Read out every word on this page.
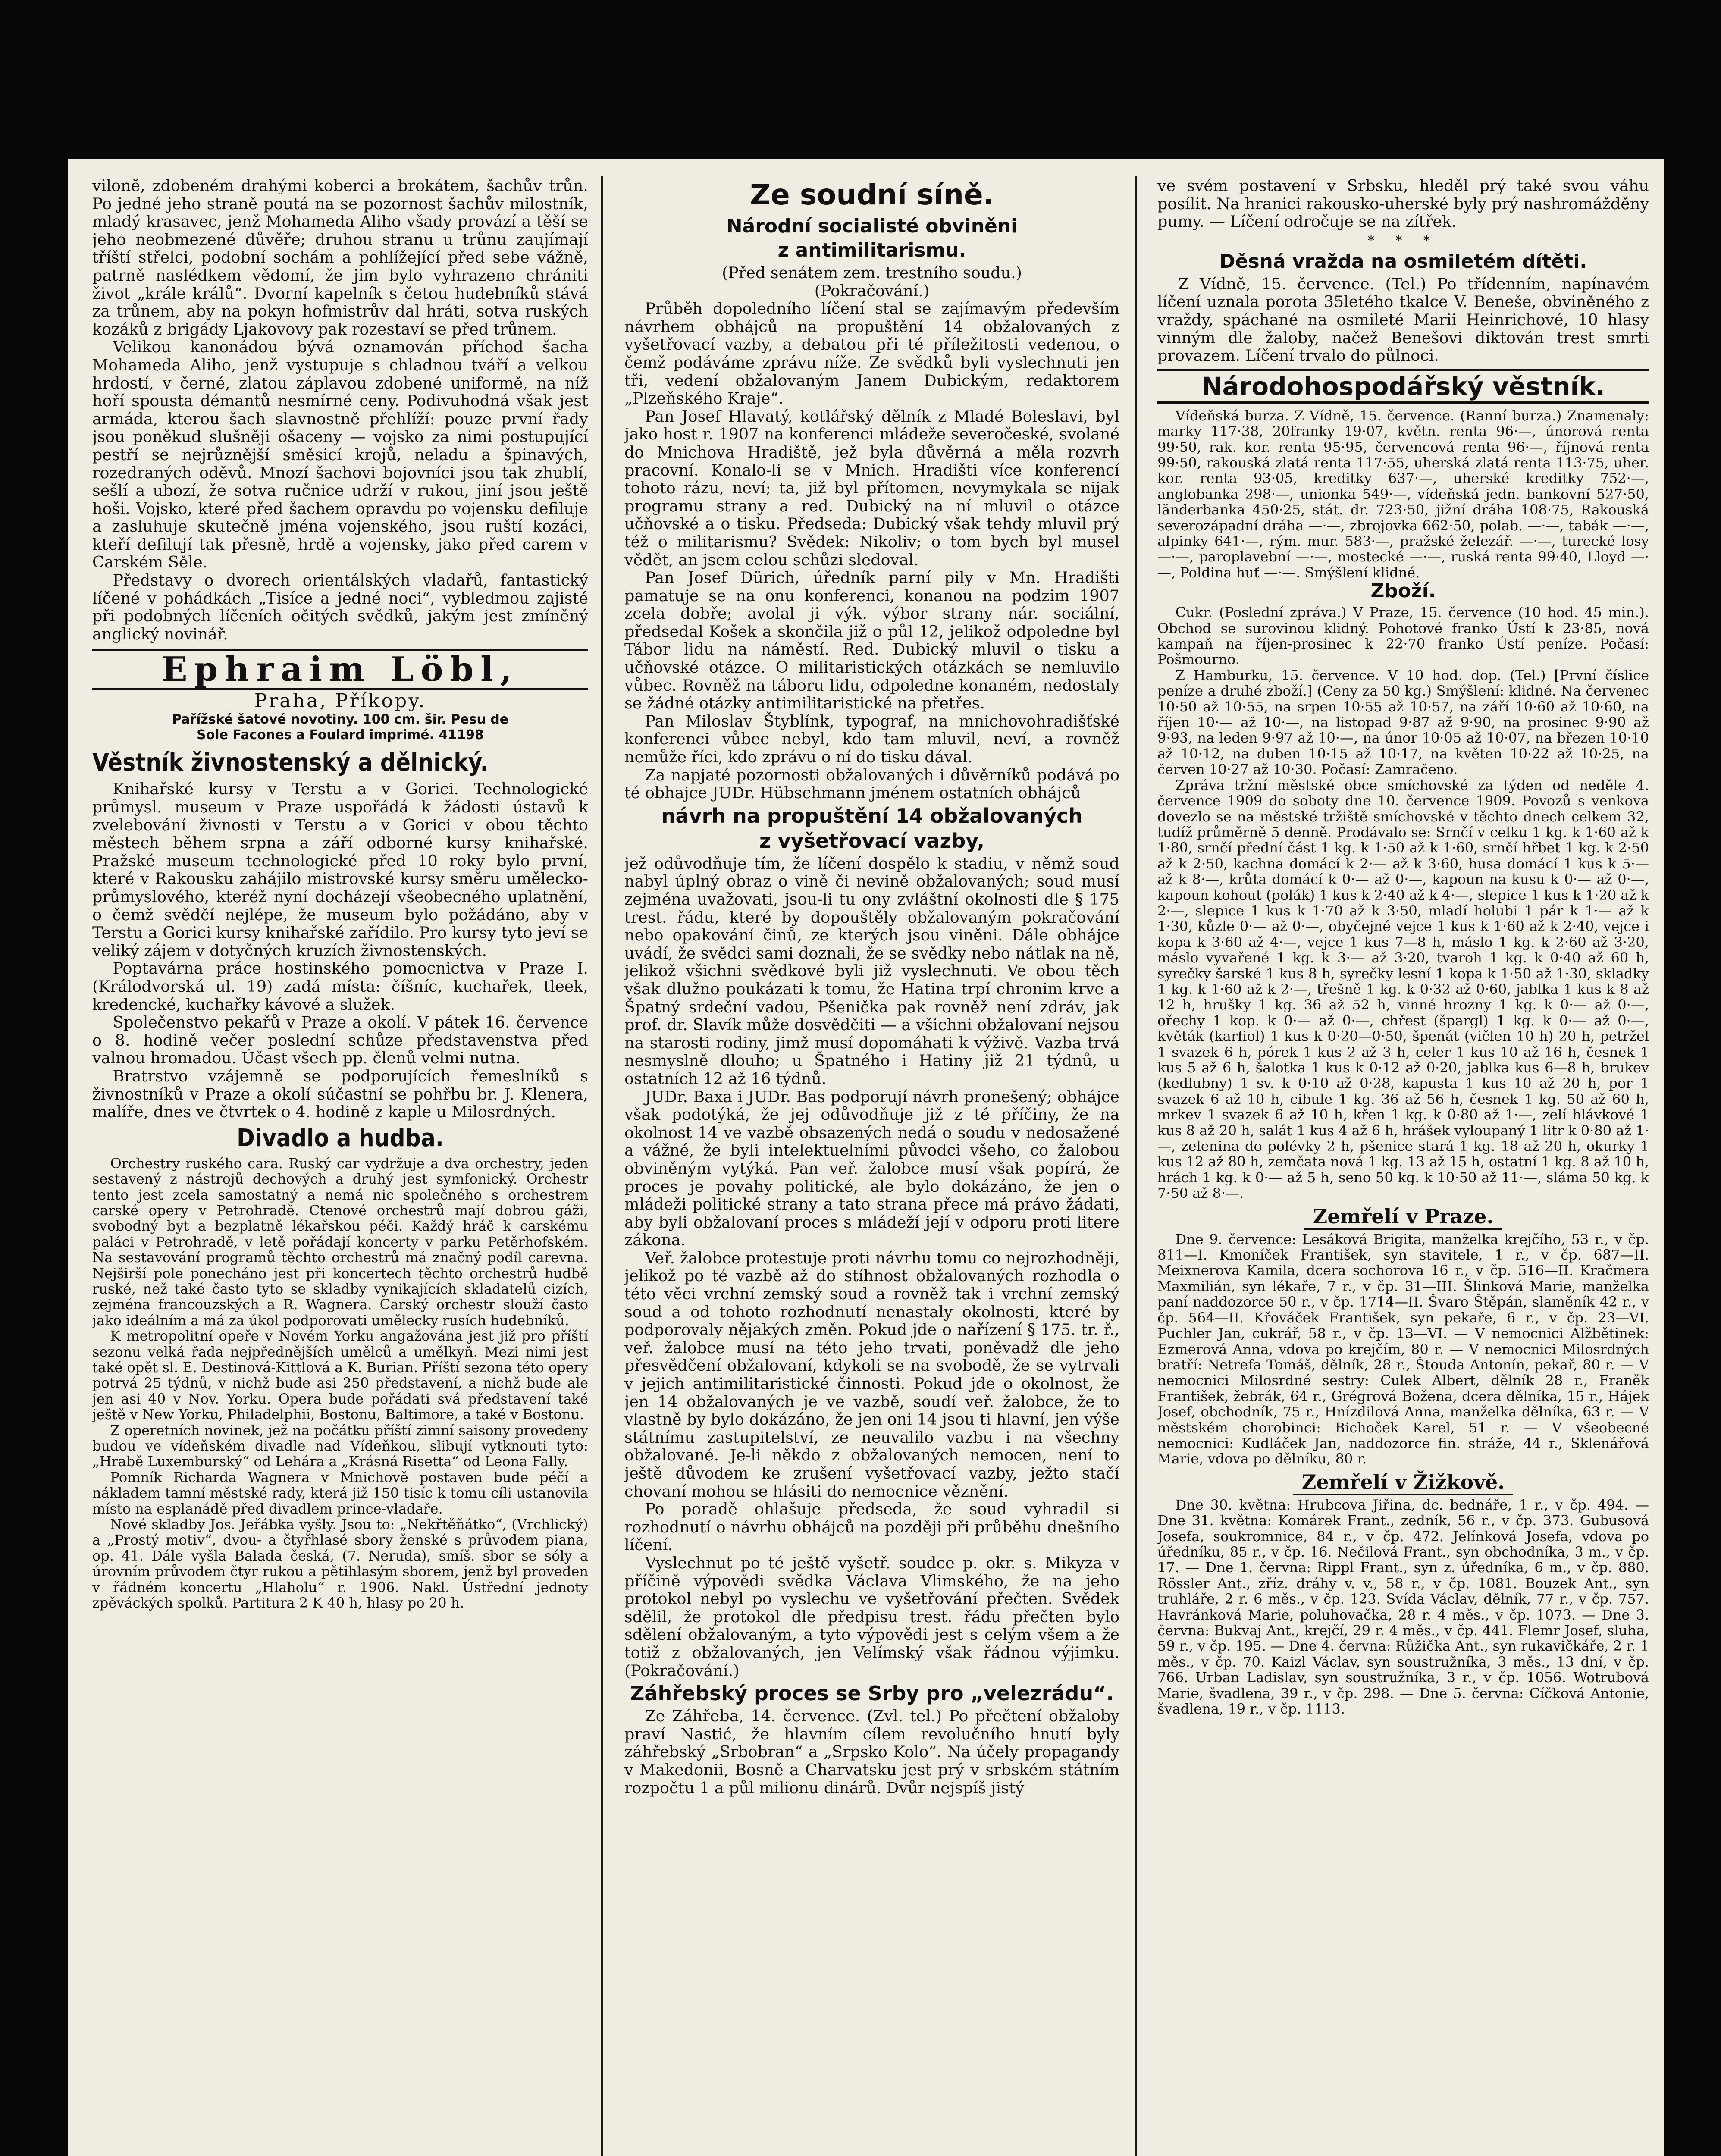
vilonĕ, zdobeném drahými koberci a brokátem, šachův trůn. Po jedné jeho straně poutá na se pozornost šachův milostník, mladý krasavec, jenž Mohameda Aliho všady provází a těší se jeho neobmezené důvěře; druhou stranu u trůnu zaujímají tříští střelci, podobní sochám a pohlížející před sebe vážně, patrně naslédkem vědomí, že jim bylo vyhrazeno chrániti život „krále králů“. Dvorní kapelník s četou hudebníků stává za trůnem, aby na pokyn hofmistrův dal hráti, sotva ruských kozáků z brigády Ljakovovy pak rozestaví se před trůnem.

Velikou kanonádou bývá oznamován příchod šacha Mohameda Aliho, jenž vystupuje s chladnou tváří a velkou hrdostí, v černé, zlatou záplavou zdobené uniformě, na níž hoří spousta démantů nesmírné ceny. Podivuhodná však jest armáda, kterou šach slavnostně přehlíží: pouze první řady jsou poněkud slušněji ošaceny — vojsko za nimi postupující pestří se nejrůznější směsicí krojů, neladu a špinavých, rozedraných oděvů. Mnozí šachovi bojovníci jsou tak zhublí, sešlí a ubozí, že sotva ručnice udrží v rukou, jiní jsou ještě hoši. Vojsko, které před šachem opravdu po vojensku defiluje a zasluhuje skutečně jména vojenského, jsou ruští kozáci, kteří defilují tak přesně, hrdě a vojensky, jako před carem v Carském Sěle.

Představy o dvorech orientálských vladařů, fantastický líčené v pohádkách „Tisíce a jedné noci“, vybledmou zajisté při podobných líčeních očitých svědků, jakým jest zmíněný anglický novinář.

Ephraim Löbl,
Praha, Příkopy.
Pařížské šatové novotiny. 100 cm. šir. Pesu de
Sole Facones a Foulard imprimé. 41198
Věstník živnostenský a dělnický.

Knihařské kursy v Terstu a v Gorici. Technologické průmysl. museum v Praze uspořádá k žádosti ústavů k zvelebování živnosti v Terstu a v Gorici v obou těchto městech během srpna a září odborné kursy knihařské. Pražské museum technologické před 10 roky bylo první, které v Rakousku zahájilo mistrovské kursy směru umělecko-průmyslového, kteréž nyní docházejí všeobecného uplatnění, o čemž svědčí nejlépe, že museum bylo požádáno, aby v Terstu a Gorici kursy knihařské zařídilo. Pro kursy tyto jeví se veliký zájem v dotyčných kruzích živnostenských.

Poptavárna práce hostinského pomocnictva v Praze I. (Králodvorská ul. 19) zadá místa: číšníc, kuchařek, tleek, kredencké, kuchařky kávové a služek.

Společenstvo pekařů v Praze a okolí. V pátek 16. července o 8. hodině večer poslední schůze představenstva před valnou hromadou. Účast všech pp. členů velmi nutna.

Bratrstvo vzájemně se podporujících řemeslníků s živnostníků v Praze a okolí súčastní se pohřbu br. J. Klenera, malíře, dnes ve čtvrtek o 4. hodině z kaple u Milosrdných.

Divadlo a hudba.

Orchestry ruského cara. Ruský car vydržuje a dva orchestry, jeden sestavený z nástrojů dechových a druhý jest symfonický. Orchestr tento jest zcela samostatný a nemá nic společného s orchestrem carské opery v Petrohradě. Ctenové orchestrů mají dobrou gáži, svobodný byt a bezplatně lékařskou péči. Každý hráč k carskému paláci v Petrohradě, v letě pořádají koncerty v parku Petěrhofském. Na sestavování programů těchto orchestrů má značný podíl carevna. Nejširší pole ponecháno jest při koncertech těchto orchestrů hudbě ruské, než také často tyto se skladby vynikajících skladatelů cizích, zejména francouzských a R. Wagnera. Carský orchestr slouží často jako ideálním a má za úkol podporovati umělecky rusích hudebníků.

K metropolitní opeře v Novém Yorku angažována jest již pro příští sezonu velká řada nejpřednějších umělců a umělkyň. Mezi nimi jest také opět sl. E. Destinová-Kittlová a K. Burian. Příští sezona této opery potrvá 25 týdnů, v nichž bude asi 250 představení, a nichž bude ale jen asi 40 v Nov. Yorku. Opera bude pořádati svá představení také ještě v New Yorku, Philadelphii, Bostonu, Baltimore, a také v Bostonu.

Z operetních novinek, jež na počátku příští zimní saisony provedeny budou ve vídeňském divadle nad Vídeňkou, slibují vytknouti tyto: „Hrabě Luxemburský“ od Lehára a „Krásná Risetta“ od Leona Fally.

Pomník Richarda Wagnera v Mnichově postaven bude péčí a nákladem tamní městské rady, která již 150 tisíc k tomu cíli ustanovila místo na esplanádě před divadlem prince-vladaře.

Nové skladby Jos. Jeřábka vyšly. Jsou to: „Nekřtěňátko“, (Vrchlický) a „Prostý motiv“, dvou- a čtyřhlasé sbory ženské s průvodem piana, op. 41. Dále vyšla Balada česká, (7. Neruda), smíš. sbor se sóly a úrovním průvodem čtyr rukou a pětihlasým sborem, jenž byl proveden v řádném koncertu „Hlaholu“ r. 1906. Nakl. Ústřední jednoty zpěváckých spolků. Partitura 2 K 40 h, hlasy po 20 h.

Ze soudní síně.
Národní socialisté obviněni
z antimilitarismu.

(Před senátem zem. trestního soudu.)

(Pokračování.)

Průběh dopoledního líčení stal se zajímavým především návrhem obhájců na propuštění 14 obžalovaných z vyšetřovací vazby, a debatou při té příležitosti vedenou, o čemž podáváme zprávu níže. Ze svědků byli vyslechnuti jen tři, vedení obžalovaným Janem Dubickým, redaktorem „Plzeňského Kraje“.

Pan Josef Hlavatý, kotlářský dělník z Mladé Boleslavi, byl jako host r. 1907 na konferenci mládeže severočeské, svolané do Mnichova Hradiště, jež byla důvěrná a měla rozvrh pracovní. Konalo-li se v Mnich. Hradišti více konferencí tohoto rázu, neví; ta, již byl přítomen, nevymykala se nijak programu strany a red. Dubický na ní mluvil o otázce učňovské a o tisku. Předseda: Dubický však tehdy mluvil prý též o militarismu? Svědek: Nikoliv; o tom bych byl musel vědět, an jsem celou schůzi sledoval.

Pan Josef Dürich, úředník parní pily v Mn. Hradišti pamatuje se na onu konferenci, konanou na podzim 1907 zcela dobře; avolal ji výk. výbor strany nár. sociální, předsedal Košek a skončila již o půl 12, jelikož odpoledne byl Tábor lidu na náměstí. Red. Dubický mluvil o tisku a učňovské otázce. O militaristických otázkách se nemluvilo vůbec. Rovněž na táboru lidu, odpoledne konaném, nedostaly se žádné otázky antimilitaristické na přetřes.

Pan Miloslav Štyblínk, typograf, na mnichovohradišťské konferenci vůbec nebyl, kdo tam mluvil, neví, a rovněž nemůže říci, kdo zprávu o ní do tisku dával.

Za napjaté pozornosti obžalovaných i důvěrníků podává po té obhajce JUDr. Hübschmann jménem ostatních obhájců

návrh na propuštění 14 obžalovaných
z vyšetřovací vazby,

jež odůvodňuje tím, že líčení dospělo k stadiu, v němž soud nabyl úplný obraz o vině či nevině obžalovaných; soud musí zejména uvažovati, jsou-li tu ony zvláštní okolnosti dle § 175 trest. řádu, které by dopouštěly obžalovaným pokračování nebo opakování činů, ze kterých jsou viněni. Dále obhájce uvádí, že svědci sami doznali, že se svědky nebo nátlak na ně, jelikož všichni svědkové byli již vyslechnuti. Ve obou těch však dlužno poukázati k tomu, že Hatina trpí chronim krve a Špatný srdeční vadou, Pšenička pak rovněž není zdráv, jak prof. dr. Slavík může dosvědčiti — a všichni obžalovaní nejsou na starosti rodiny, jimž musí dopomáhati k výživě. Vazba trvá nesmyslně dlouho; u Špatného i Hatiny již 21 týdnů, u ostatních 12 až 16 týdnů.

JUDr. Baxa i JUDr. Bas podporují návrh pronešený; obhájce však podotýká, že jej odůvodňuje již z té příčiny, že na okolnost 14 ve vazbě obsazených nedá o soudu v nedosažené a vážné, že byli intelektuelními původci všeho, co žalobou obviněným vytýká. Pan veř. žalobce musí však popírá, že proces je povahy politické, ale bylo dokázáno, že jen o mládeži politické strany a tato strana přece má právo žádati, aby byli obžalovaní proces s mládeží její v odporu proti litere zákona.

Veř. žalobce protestuje proti návrhu tomu co nejrozhodněji, jelikož po té vazbě až do stíhnost obžalovaných rozhodla o této věci vrchní zemský soud a rovněž tak i vrchní zemský soud a od tohoto rozhodnutí nenastaly okolnosti, které by podporovaly nějakých změn. Pokud jde o nařízení § 175. tr. ř., veř. žalobce musí na této jeho trvati, poněvadž dle jeho přesvědčení obžalovaní, kdykoli se na svobodě, že se vytrvali v jejich antimilitaristické činnosti. Pokud jde o okolnost, že jen 14 obžalovaných je ve vazbě, soudí veř. žalobce, že to vlastně by bylo dokázáno, že jen oni 14 jsou ti hlavní, jen výše státnímu zastupitelství, ze neuvalilo vazbu i na všechny obžalované. Je-li někdo z obžalovaných nemocen, není to ještě důvodem ke zrušení vyšetřovací vazby, ježto stačí chovaní mohou se hlásiti do nemocnice věznění.

Po poradě ohlašuje předseda, že soud vyhradil si rozhodnutí o návrhu obhájců na později při průběhu dnešního líčení.

Vyslechnut po té ještě vyšetř. soudce p. okr. s. Mikyza v příčině výpovědi svědka Václava Vlimského, že na jeho protokol nebyl po vyslechu ve vyšetřování přečten. Svědek sdělil, že protokol dle předpisu trest. řádu přečten bylo sdělení obžalovaným, a tyto výpovědi jest s celým všem a že totiž z obžalovaných, jen Velímský však řádnou výjimku. (Pokračování.)

Záhřebský proces se Srby pro „velezrádu“.

Ze Záhřeba, 14. července. (Zvl. tel.) Po přečtení obžaloby praví Nastić, že hlavním cílem revolučního hnutí byly záhřebský „Srbobran“ a „Srpsko Kolo“. Na účely propagandy v Makedonii, Bosně a Charvatsku jest prý v srbském státním rozpočtu 1 a půl milionu dinárů. Dvůr nejspíš jistý

ve svém postavení v Srbsku, hleděl prý také svou váhu posílit. Na hranici rakousko-uherské byly prý nashromážděny pumy. — Líčení odročuje se na zítřek.

* * *
Děsná vražda na osmiletém dítěti.

Z Vídně, 15. července. (Tel.) Po třídenním, napínavém líčení uznala porota 35letého tkalce V. Beneše, obviněného z vraždy, spáchané na osmileté Marii Heinrichové, 10 hlasy vinným dle žaloby, načež Benešovi diktován trest smrti provazem. Líčení trvalo do půlnoci.

Národohospodářský věstník.

Vídeňská burza. Z Vídně, 15. července. (Ranní burza.) Znamenaly: marky 117·38, 20franky 19·07, květn. renta 96·—, únorová renta 99·50, rak. kor. renta 95·95, červencová renta 96·—, říjnová renta 99·50, rakouská zlatá renta 117·55, uherská zlatá renta 113·75, uher. kor. renta 93·05, kreditky 637·—, uherské kreditky 752·—, anglobanka 298·—, unionka 549·—, vídeňská jedn. bankovní 527·50, länderbanka 450·25, stát. dr. 723·50, jižní dráha 108·75, Rakouská severozápadní dráha —·—, zbrojovka 662·50, polab. —·—, tabák —·—, alpinky 641·—, rým. mur. 583·—, pražské železář. —·—, turecké losy —·—, paroplavební —·—, mostecké —·—, ruská renta 99·40, Lloyd —·—, Poldina huť —·—. Smýšlení klidné.

Zboží.

Cukr. (Poslední zpráva.) V Praze, 15. července (10 hod. 45 min.). Obchod se surovinou klidný. Pohotové franko Ústí k 23·85, nová kampaň na říjen-prosinec k 22·70 franko Ústí peníze. Počasí: Pošmourno.

Z Hamburku, 15. července. V 10 hod. dop. (Tel.) [První číslice peníze a druhé zboží.] (Ceny za 50 kg.) Smýšlení: klidné. Na červenec 10·50 až 10·55, na srpen 10·55 až 10·57, na září 10·60 až 10·60, na říjen 10·— až 10·—, na listopad 9·87 až 9·90, na prosinec 9·90 až 9·93, na leden 9·97 až 10·—, na únor 10·05 až 10·07, na březen 10·10 až 10·12, na duben 10·15 až 10·17, na květen 10·22 až 10·25, na červen 10·27 až 10·30. Počasí: Zamračeno.

Zpráva tržní městské obce smíchovské za týden od neděle 4. července 1909 do soboty dne 10. července 1909. Povozů s venkova dovezlo se na městské tržiště smíchovské v těchto dnech celkem 32, tudíž průměrně 5 denně. Prodávalo se: Srnčí v celku 1 kg. k 1·60 až k 1·80, srnčí přední část 1 kg. k 1·50 až k 1·60, srnčí hřbet 1 kg. k 2·50 až k 2·50, kachna domácí k 2·— až k 3·60, husa domácí 1 kus k 5·— až k 8·—, krůta domácí k 0·— až 0·—, kapoun na kusu k 0·— až 0·—, kapoun kohout (polák) 1 kus k 2·40 až k 4·—, slepice 1 kus k 1·20 až k 2·—, slepice 1 kus k 1·70 až k 3·50, mladí holubi 1 pár k 1·— až k 1·30, kůzle 0·— až 0·—, obyčejné vejce 1 kus k 1·60 až k 2·40, vejce i kopa k 3·60 až 4·—, vejce 1 kus 7—8 h, máslo 1 kg. k 2·60 až 3·20, máslo vyvařené 1 kg. k 3·— až 3·20, tvaroh 1 kg. k 0·40 až 60 h, syrečky šarské 1 kus 8 h, syrečky lesní 1 kopa k 1·50 až 1·30, skladky 1 kg. k 1·60 až k 2·—, třešně 1 kg. k 0·32 až 0·60, jablka 1 kus k 8 až 12 h, hrušky 1 kg. 36 až 52 h, vinné hrozny 1 kg. k 0·— až 0·—, ořechy 1 kop. k 0·— až 0·—, chřest (špargl) 1 kg. k 0·— až 0·—, květák (karfiol) 1 kus k 0·20—0·50, špenát (vičlen 10 h) 20 h, petržel 1 svazek 6 h, pórek 1 kus 2 až 3 h, celer 1 kus 10 až 16 h, česnek 1 kus 5 až 6 h, šalotka 1 kus k 0·12 až 0·20, jablka kus 6—8 h, brukev (kedlubny) 1 sv. k 0·10 až 0·28, kapusta 1 kus 10 až 20 h, por 1 svazek 6 až 10 h, cibule 1 kg. 36 až 56 h, česnek 1 kg. 50 až 60 h, mrkev 1 svazek 6 až 10 h, křen 1 kg. k 0·80 až 1·—, zelí hlávkové 1 kus 8 až 20 h, salát 1 kus 4 až 6 h, hrášek vyloupaný 1 litr k 0·80 až 1·—, zelenina do polévky 2 h, pšenice stará 1 kg. 18 až 20 h, okurky 1 kus 12 až 80 h, zemčata nová 1 kg. 13 až 15 h, ostatní 1 kg. 8 až 10 h, hrách 1 kg. k 0·— až 5 h, seno 50 kg. k 10·50 až 11·—, sláma 50 kg. k 7·50 až 8·—.

Zemřelí v Praze.

Dne 9. července: Lesáková Brigita, manželka krejčího, 53 r., v čp. 811—I. Kmoníček František, syn stavitele, 1 r., v čp. 687—II. Meixnerova Kamila, dcera sochorova 16 r., v čp. 516—II. Kračmera Maxmilián, syn lékaře, 7 r., v čp. 31—III. Šlinková Marie, manželka paní naddozorce 50 r., v čp. 1714—II. Švaro Štěpán, slaměník 42 r., v čp. 564—II. Křováček František, syn pekaře, 6 r., v čp. 23—VI. Puchler Jan, cukrář, 58 r., v čp. 13—VI. — V nemocnici Alžbětinek: Ezmerová Anna, vdova po krejčím, 80 r. — V nemocnici Milosrdných bratří: Netrefa Tomáš, dělník, 28 r., Štouda Antonín, pekař, 80 r. — V nemocnici Milosrdné sestry: Culek Albert, dělník 28 r., Franěk František, žebrák, 64 r., Grégrová Božena, dcera dělníka, 15 r., Hájek Josef, obchodník, 75 r., Hnízdilová Anna, manželka dělníka, 63 r. — V městském chorobinci: Bichoček Karel, 51 r. — V všeobecné nemocnici: Kudláček Jan, naddozorce fin. stráže, 44 r., Sklenářová Marie, vdova po dělníku, 80 r.

Zemřelí v Žižkově.

Dne 30. května: Hrubcova Jiřina, dc. bednáře, 1 r., v čp. 494. — Dne 31. května: Komárek Frant., zedník, 56 r., v čp. 373. Gubusová Josefa, soukromnice, 84 r., v čp. 472. Jelínková Josefa, vdova po úředníku, 85 r., v čp. 16. Nečilová Frant., syn obchodníka, 3 m., v čp. 17. — Dne 1. června: Rippl Frant., syn z. úředníka, 6 m., v čp. 880. Rössler Ant., zříz. dráhy v. v., 58 r., v čp. 1081. Bouzek Ant., syn truhláře, 2 r. 6 měs., v čp. 123. Svída Václav, dělník, 77 r., v čp. 757. Havránková Marie, poluhovačka, 28 r. 4 měs., v čp. 1073. — Dne 3. června: Bukvaj Ant., krejčí, 29 r. 4 měs., v čp. 441. Flemr Josef, sluha, 59 r., v čp. 195. — Dne 4. června: Růžička Ant., syn rukavičkáře, 2 r. 1 měs., v čp. 70. Kaizl Václav, syn soustružníka, 3 měs., 13 dní, v čp. 766. Urban Ladislav, syn soustružníka, 3 r., v čp. 1056. Wotrubová Marie, švadlena, 39 r., v čp. 298. — Dne 5. června: Cíčková Antonie, švadlena, 19 r., v čp. 1113.
